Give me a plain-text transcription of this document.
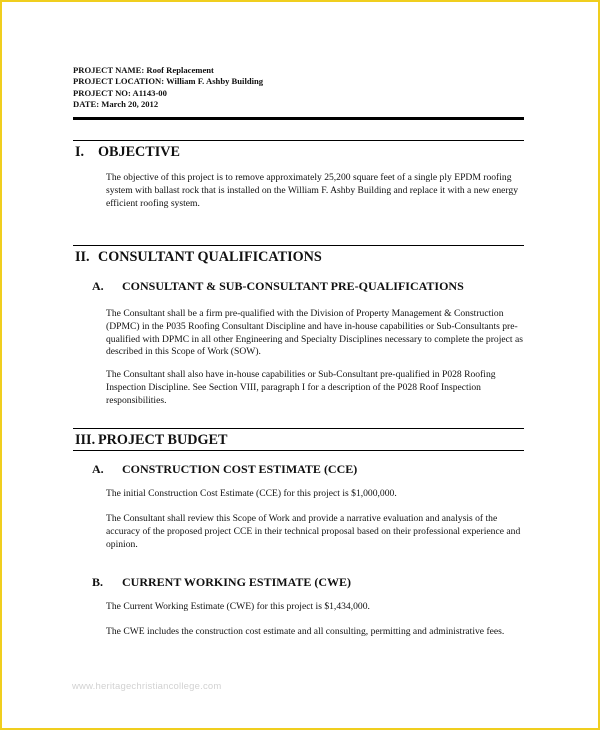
PROJECT NAME: Roof Replacement
PROJECT LOCATION: William F. Ashby Building
PROJECT NO: A1143-00
DATE: March 20, 2012
I. OBJECTIVE
The objective of this project is to remove approximately 25,200 square feet of a single ply EPDM roofing system with ballast rock that is installed on the William F. Ashby Building and replace it with a new energy efficient roofing system.
II. CONSULTANT QUALIFICATIONS
A. CONSULTANT & SUB-CONSULTANT PRE-QUALIFICATIONS
The Consultant shall be a firm pre-qualified with the Division of Property Management & Construction (DPMC) in the P035 Roofing Consultant Discipline and have in-house capabilities or Sub-Consultants pre-qualified with DPMC in all other Engineering and Specialty Disciplines necessary to complete the project as described in this Scope of Work (SOW).
The Consultant shall also have in-house capabilities or Sub-Consultant pre-qualified in P028 Roofing Inspection Discipline. See Section VIII, paragraph I for a description of the P028 Roof Inspection responsibilities.
III. PROJECT BUDGET
A. CONSTRUCTION COST ESTIMATE (CCE)
The initial Construction Cost Estimate (CCE) for this project is $1,000,000.
The Consultant shall review this Scope of Work and provide a narrative evaluation and analysis of the accuracy of the proposed project CCE in their technical proposal based on their professional experience and opinion.
B. CURRENT WORKING ESTIMATE (CWE)
The Current Working Estimate (CWE) for this project is $1,434,000.
The CWE includes the construction cost estimate and all consulting, permitting and administrative fees.
www.heritagechristiancollege.com
